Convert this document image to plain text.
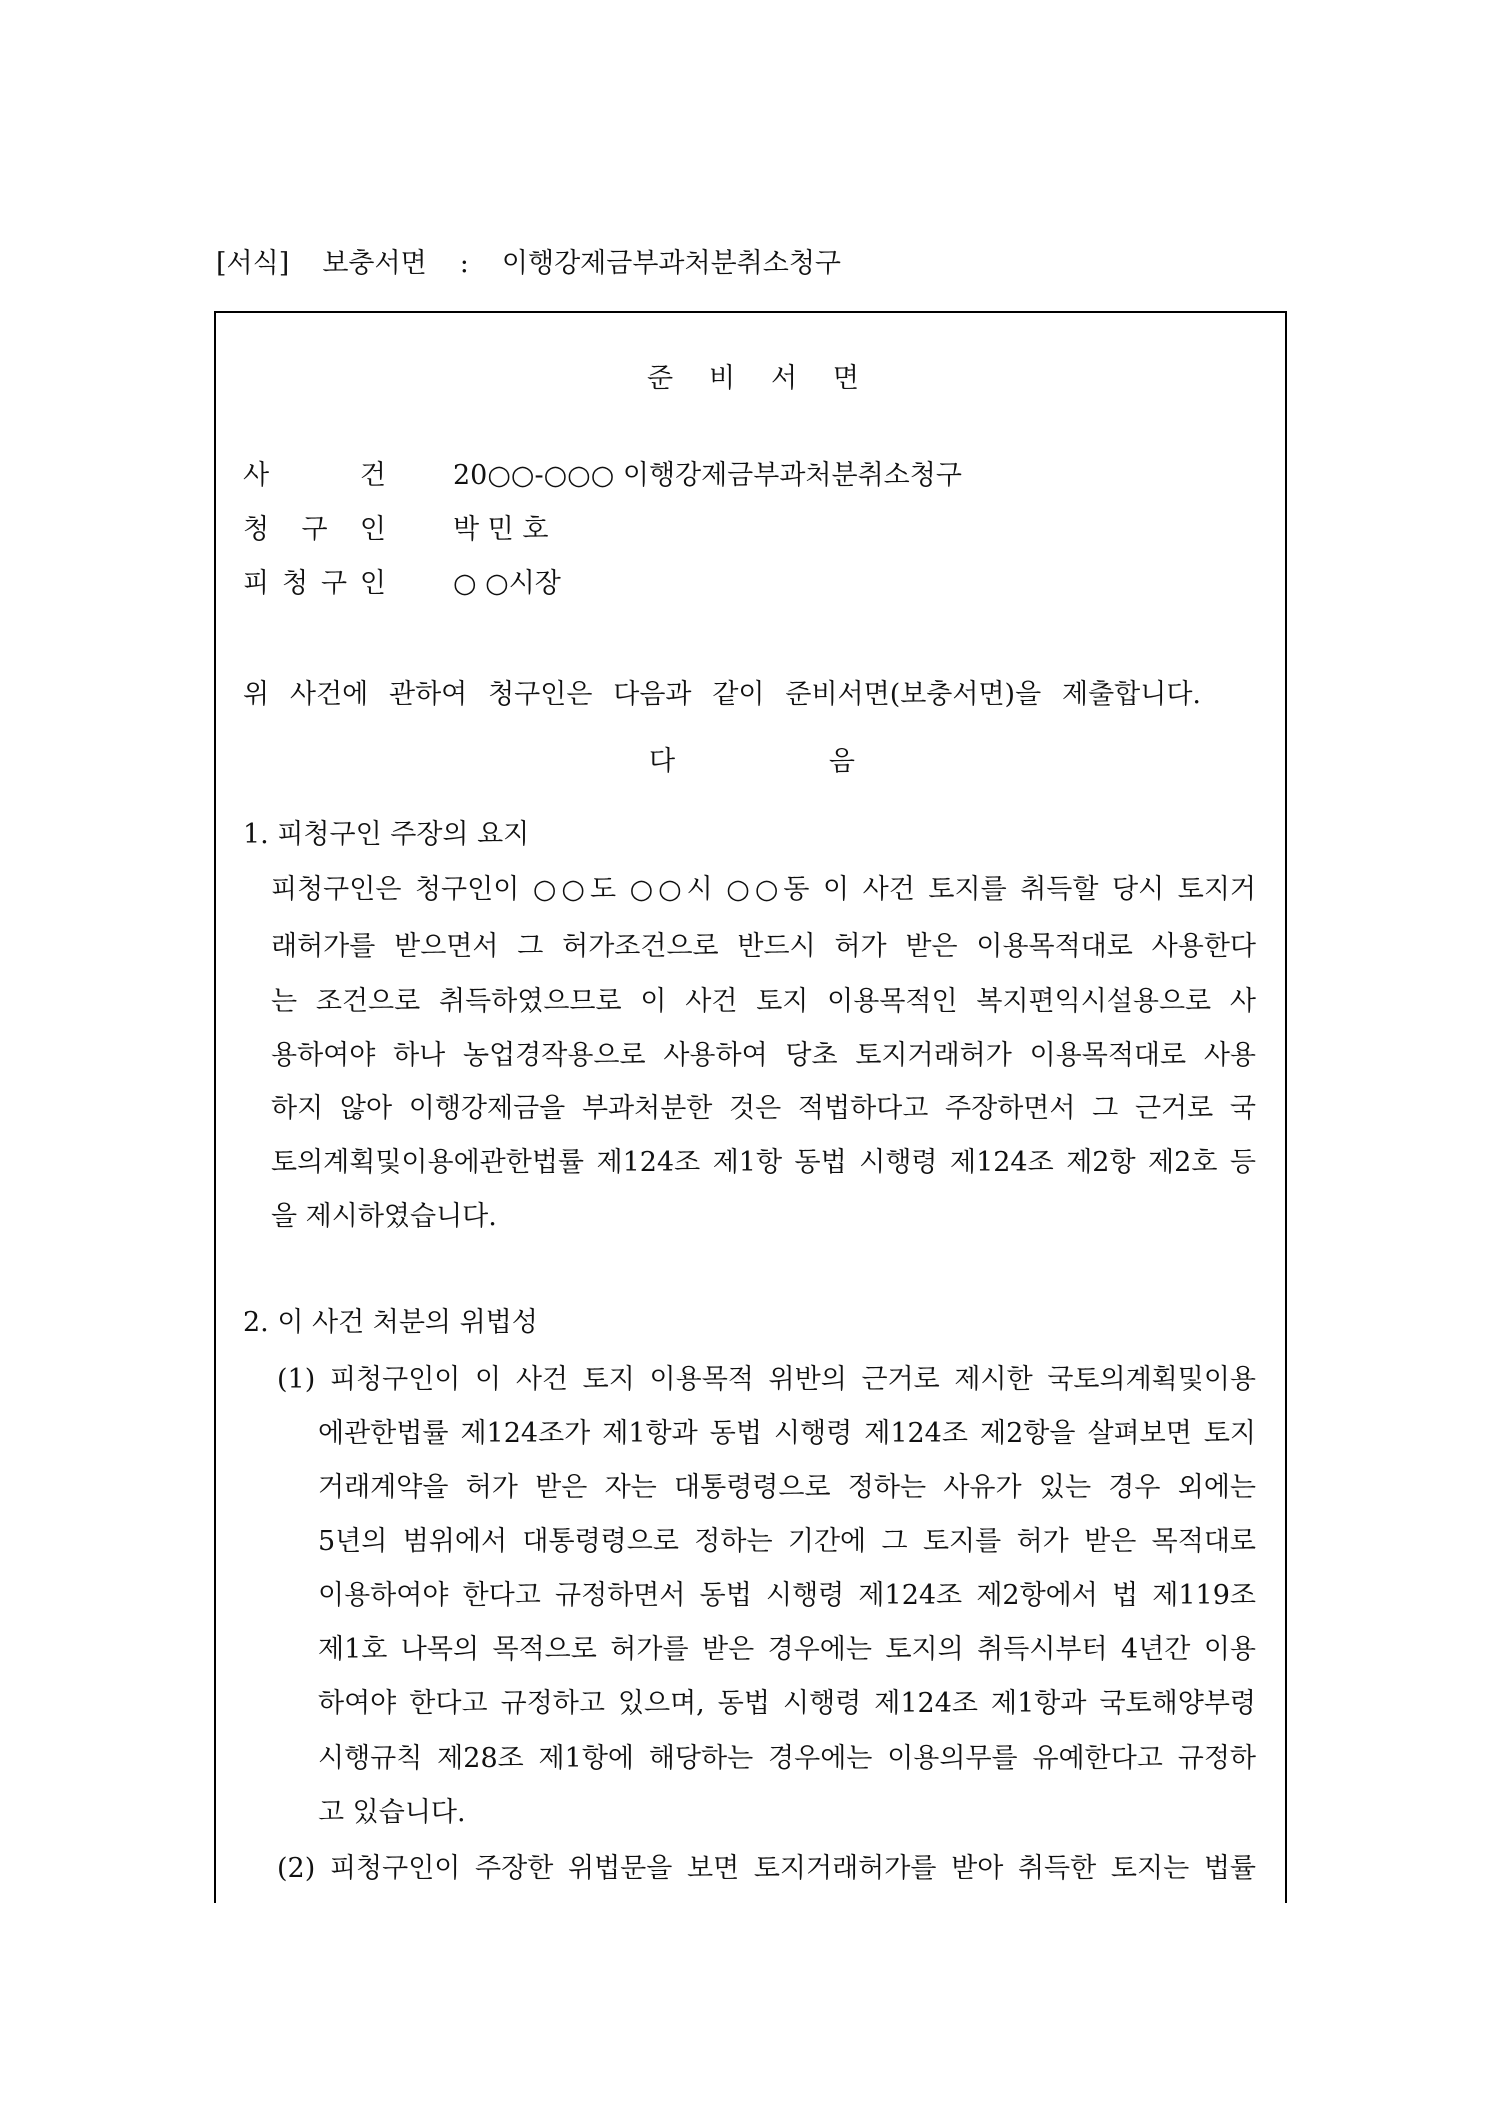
[서식] 보충서면 : 이행강제금부과처분취소청구
준 비 서 면
사 건 20○○-○○○ 이행강제금부과처분취소청구
청 구 인 박 민 호
피 청 구 인 ○ ○시장
위 사건에 관하여 청구인은 다음과 같이 준비서면(보충서면)을 제출합니다.
다 음
1. 피청구인 주장의 요지
피청구인은 청구인이 ○○도 ○○시 ○○동 이 사건 토지를 취득할 당시 토지거
래허가를 받으면서 그 허가조건으로 반드시 허가 받은 이용목적대로 사용한다
는 조건으로 취득하였으므로 이 사건 토지 이용목적인 복지편익시설용으로 사
용하여야 하나 농업경작용으로 사용하여 당초 토지거래허가 이용목적대로 사용
하지 않아 이행강제금을 부과처분한 것은 적법하다고 주장하면서 그 근거로 국
토의계획및이용에관한법률 제124조 제1항 동법 시행령 제124조 제2항 제2호 등
을 제시하였습니다.
2. 이 사건 처분의 위법성
(1) 피청구인이 이 사건 토지 이용목적 위반의 근거로 제시한 국토의계획및이용
에관한법률 제124조가 제1항과 동법 시행령 제124조 제2항을 살펴보면 토지
거래계약을 허가 받은 자는 대통령령으로 정하는 사유가 있는 경우 외에는
5년의 범위에서 대통령령으로 정하는 기간에 그 토지를 허가 받은 목적대로
이용하여야 한다고 규정하면서 동법 시행령 제124조 제2항에서 법 제119조
제1호 나목의 목적으로 허가를 받은 경우에는 토지의 취득시부터 4년간 이용
하여야 한다고 규정하고 있으며, 동법 시행령 제124조 제1항과 국토해양부령
시행규칙 제28조 제1항에 해당하는 경우에는 이용의무를 유예한다고 규정하
고 있습니다.
(2) 피청구인이 주장한 위법문을 보면 토지거래허가를 받아 취득한 토지는 법률
